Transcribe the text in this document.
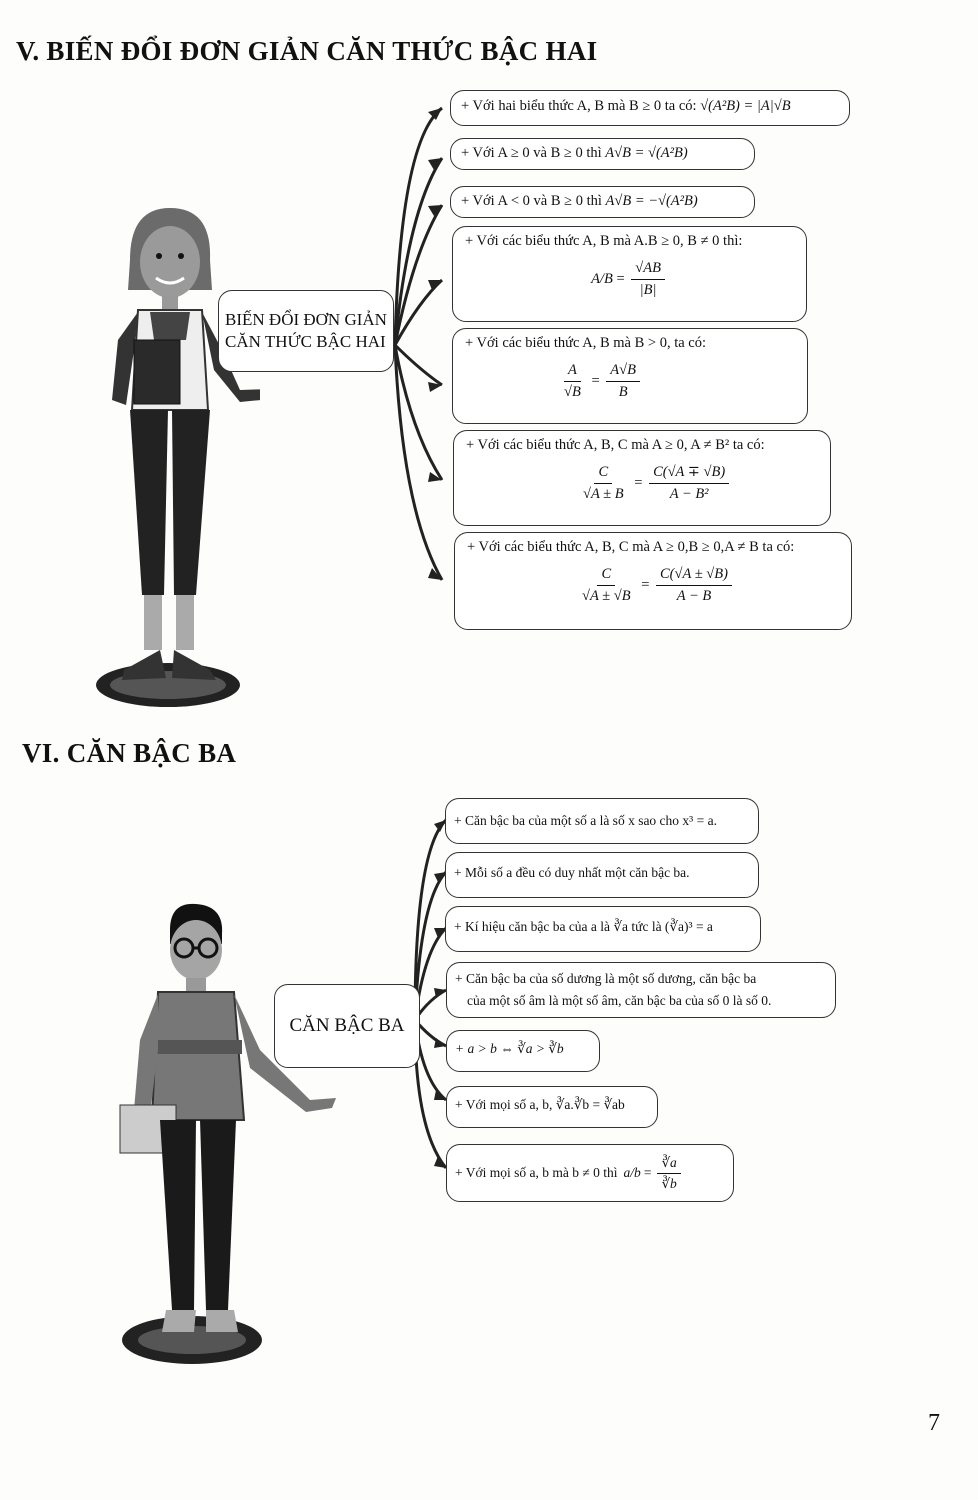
V. BIẾN ĐỔI ĐƠN GIẢN CĂN THỨC BẬC HAI
BIẾN ĐỔI ĐƠN GIẢN
CĂN THỨC BẬC HAI
+ Với hai biểu thức A, B mà B ≥ 0 ta có: √(A²B) = |A|√B
+ Với A ≥ 0 và B ≥ 0 thì A√B = √(A²B)
+ Với A < 0 và B ≥ 0 thì A√B = −√(A²B)
+ Với các biểu thức A, B mà A.B ≥ 0, B ≠ 0 thì:
$A/B = \frac{√AB}{|B|}$
+ Với các biểu thức A, B mà B > 0, ta có:
$\frac{A}{√B} = \frac{A√B}{B}$
+ Với các biểu thức A, B, C mà A ≥ 0, A ≠ B² ta có:
$\frac{C}{√A \pm B} = \frac{C(√A \mp √B)}{\text{A − B²}}$
+ Với các biểu thức A, B, C mà A ≥ 0,B ≥ 0,A ≠ B ta có:
$\frac{C}{√A \pm √B} = \frac{C(√A \pm √B)}{A - B}$
VI. CĂN BẬC BA
CĂN BẬC BA
+ Căn bậc ba của một số a là số x sao cho x³ = a.
+ Mỗi số a đều có duy nhất một căn bậc ba.
+ Kí hiệu căn bậc ba của a là ∛a tức là (∛a)³ = a
+ Căn bậc ba của số dương là một số dương, căn bậc ba
của một số âm là một số âm, căn bậc ba của số 0 là số 0.
+ a > b ⇔ ∛a > ∛b
+ Với mọi số a, b, ∛a.∛b = ∛ab
+ Với mọi số a, b mà b ≠ 0 thì $a/b = \frac{∛a}{∛b}$
7
